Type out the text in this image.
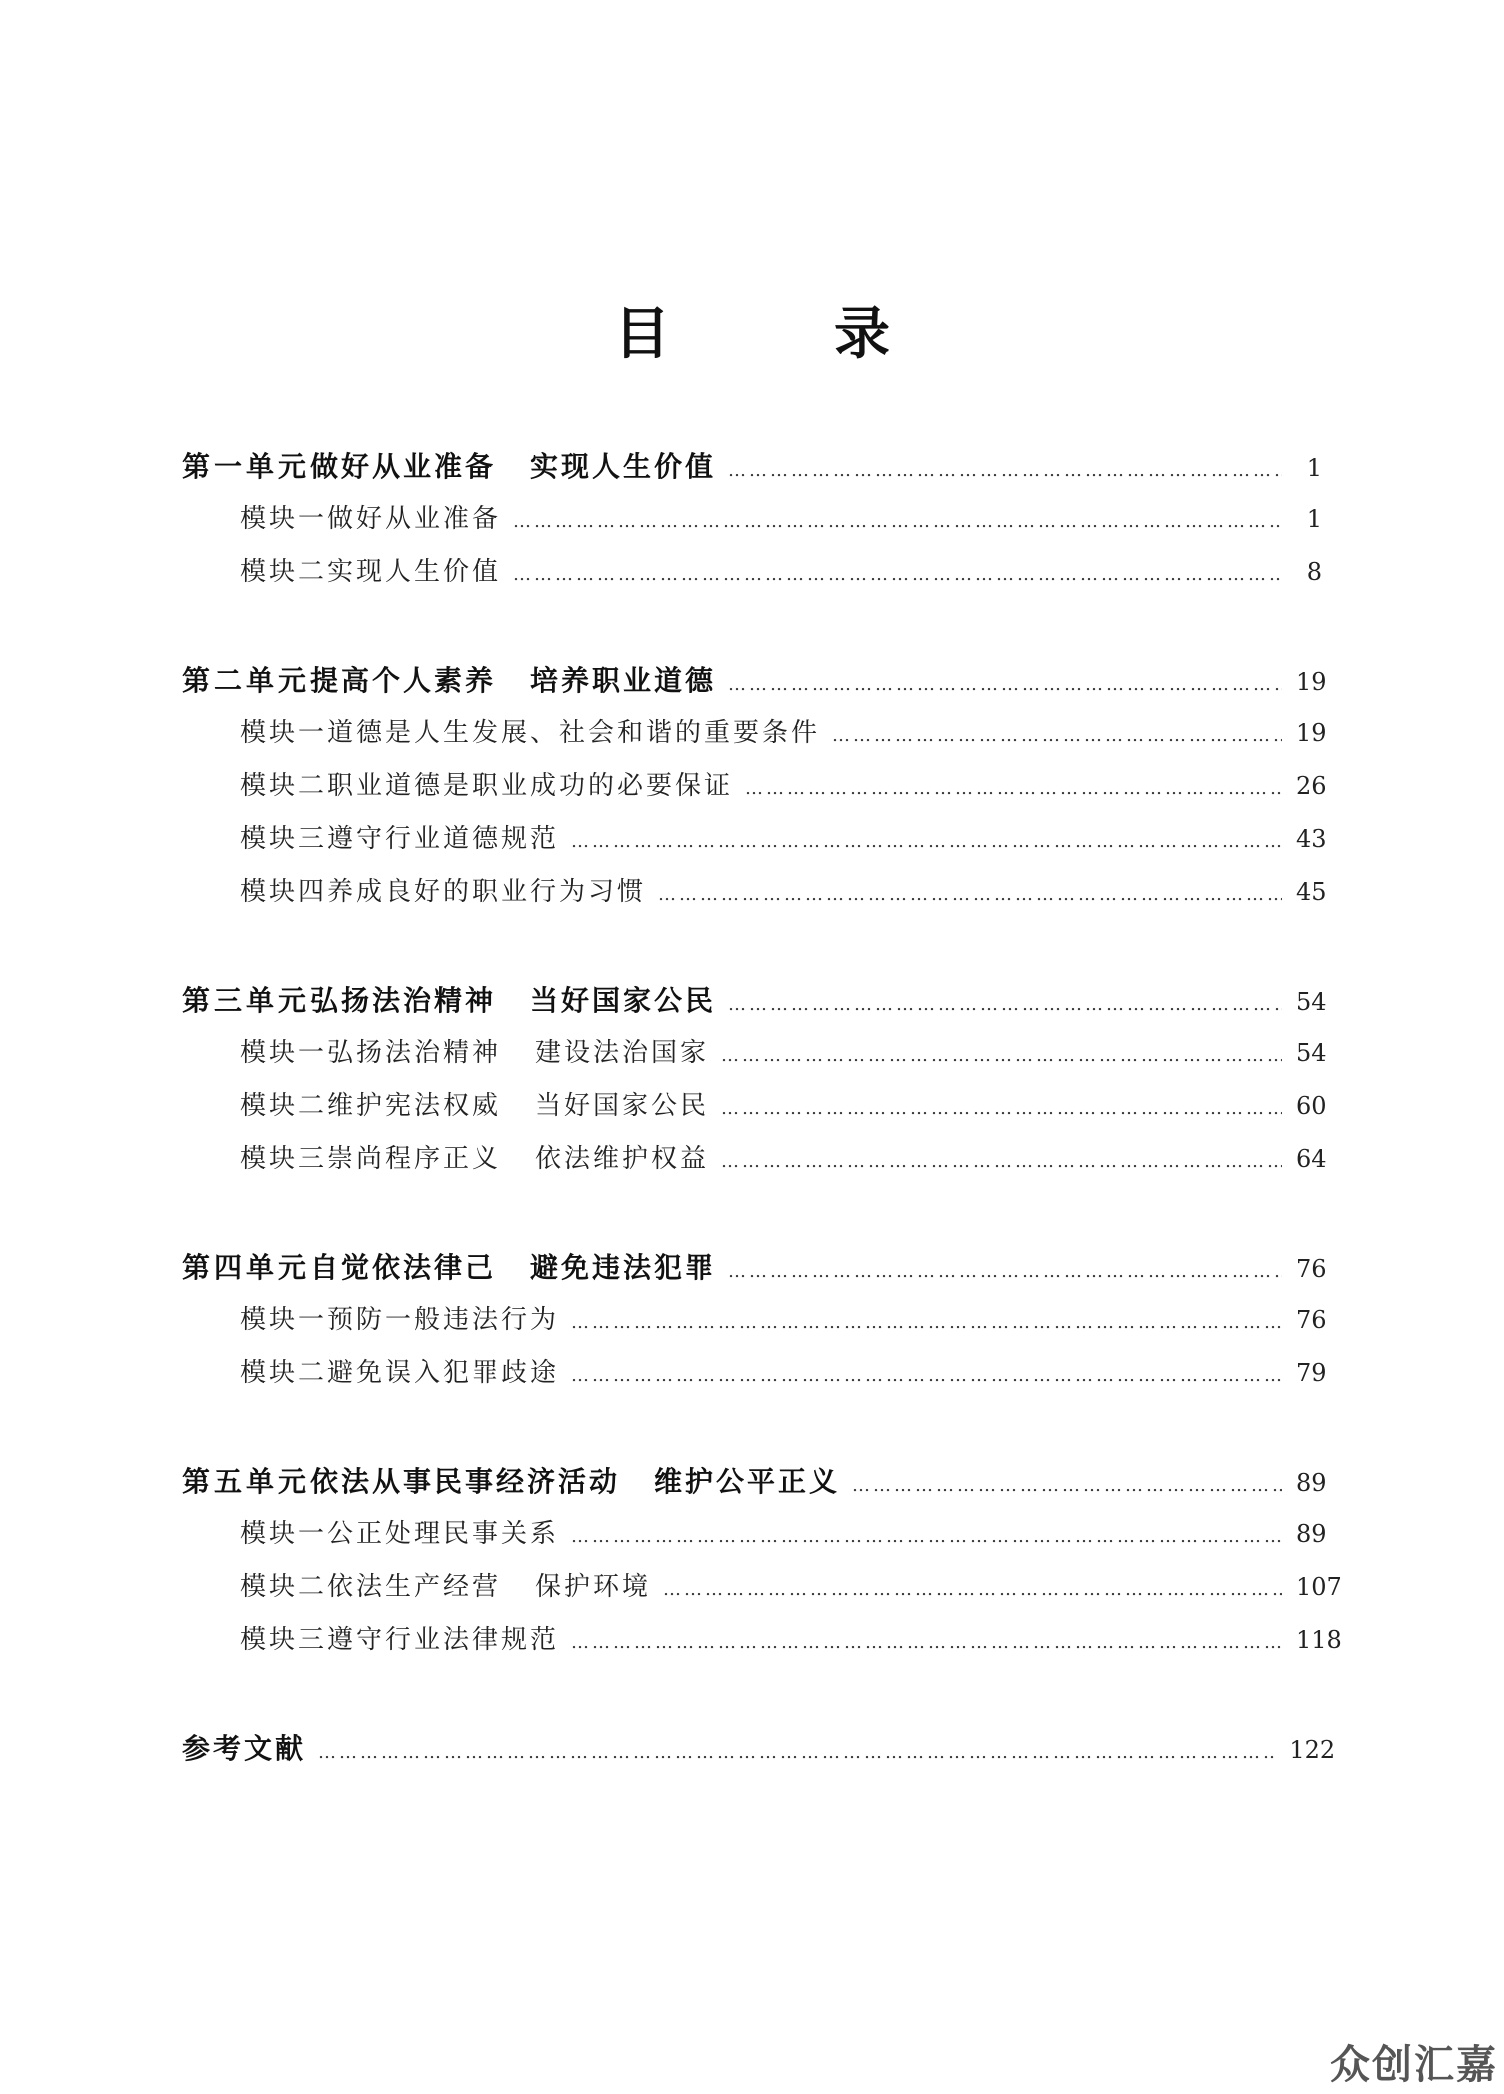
目　录
第一单元 做好从业准备 实现人生价值 …………………………………………………………………………………………………………………………………………………………………………	1
模块一 做好从业准备 …………………………………………………………………………………………………………………………………………………………………………	1
模块二 实现人生价值 …………………………………………………………………………………………………………………………………………………………………………	8
第二单元 提高个人素养 培养职业道德 …………………………………………………………………………………………………………………………………………………………………………	19
模块一 道德是人生发展、社会和谐的重要条件 …………………………………………………………………………………………………………………………………………………………………………	19
模块二 职业道德是职业成功的必要保证 …………………………………………………………………………………………………………………………………………………………………………	26
模块三 遵守行业道德规范 …………………………………………………………………………………………………………………………………………………………………………	43
模块四 养成良好的职业行为习惯 …………………………………………………………………………………………………………………………………………………………………………	45
第三单元 弘扬法治精神 当好国家公民 …………………………………………………………………………………………………………………………………………………………………………	54
模块一 弘扬法治精神 建设法治国家 …………………………………………………………………………………………………………………………………………………………………………	54
模块二 维护宪法权威 当好国家公民 …………………………………………………………………………………………………………………………………………………………………………	60
模块三 崇尚程序正义 依法维护权益 …………………………………………………………………………………………………………………………………………………………………………	64
第四单元 自觉依法律己 避免违法犯罪 …………………………………………………………………………………………………………………………………………………………………………	76
模块一 预防一般违法行为 …………………………………………………………………………………………………………………………………………………………………………	76
模块二 避免误入犯罪歧途 …………………………………………………………………………………………………………………………………………………………………………	79
第五单元 依法从事民事经济活动 维护公平正义 …………………………………………………………………………………………………………………………………………………………………………	89
模块一 公正处理民事关系 …………………………………………………………………………………………………………………………………………………………………………	89
模块二 依法生产经营 保护环境 …………………………………………………………………………………………………………………………………………………………………………	107
模块三 遵守行业法律规范 …………………………………………………………………………………………………………………………………………………………………………	118
参考文献 …………………………………………………………………………………………………………………………………………………………………………	122
众创汇嘉
